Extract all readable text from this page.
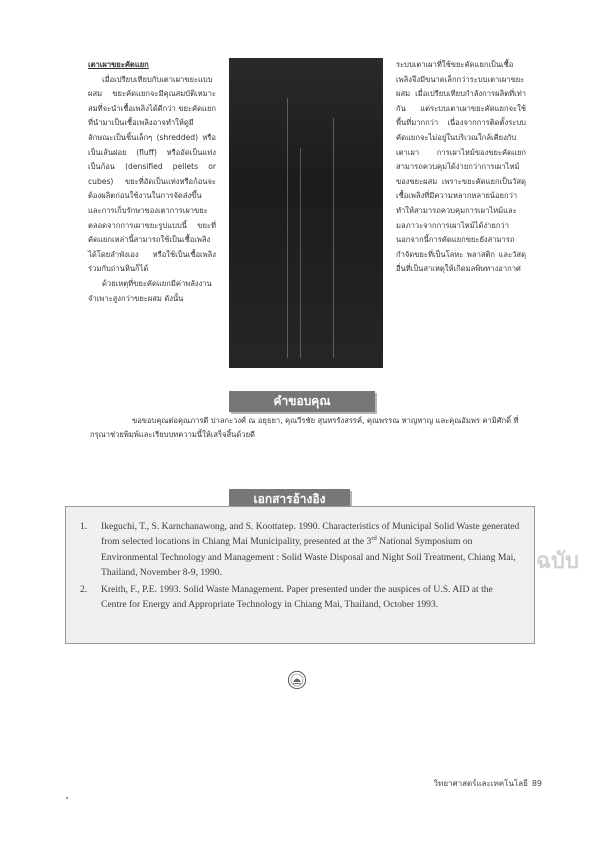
เตาเผาขยะคัดแยก

เมื่อเปรียบเทียบกับเตาเผาขยะแบบผสม ขยะคัดแยกจะมีคุณสมบัติเหมาะสมที่จะนำเชื้อเพลิงได้ดีกว่า ขยะคัดแยกที่นำมาเป็นเชื้อเพลิงอาจทำให้ดูมีลักษณะเป็นชิ้นเล็กๆ (shredded) หรือเป็นเส้นฝอย (fluff) หรืออัดเป็นแท่ง เป็นก้อน (densified pellets or cubes) ขยะที่อัดเป็นแท่งหรือก้อนจะต้องผลิตก่อนใช้งานในการจัดส่งขึ้น และการเก็บรักษาของเตาการเผาขยะตลอดจากการเผาขยะรูปแบบนี้ ขยะที่คัดแยกเหล่านี้สามารถใช้เป็นเชื้อเพลิงได้โดยลำพังเอง หรือใช้เป็นเชื้อเพลิงร่วมกับถ่านหินก็ได้

ด้วยเหตุที่ขยะคัดแยกมีค่าพลังงานจำเพาะสูงกว่าขยะผสม ดังนั้น

ระบบเตาเผาที่ใช้ขยะคัดแยกเป็นเชื้อเพลิงจึงมีขนาดเล็กกว่าระบบเตาเผาขยะผสม เมื่อเปรียบเทียบกำลังการผลิตที่เท่ากัน แต่ระบบเตาเผาขยะคัดแยกจะใช้พื้นที่มากกว่า เนื่องจากการติดตั้งระบบคัดแยกจะไม่อยู่ในบริเวณใกล้เคียงกับเตาเผา การเผาไหม้ของขยะคัดแยกสามารถควบคุมได้ง่ายกว่าการเผาไหม้ของขยะผสม เพราะขยะคัดแยกเป็นวัสดุเชื้อเพลิงที่มีความหลากหลายน้อยกว่า ทำให้สามารถควบคุมการเผาไหม้และมลภาวะจากการเผาไหม้ได้ง่ายกว่า นอกจากนี้การคัดแยกขยะยังสามารถกำจัดขยะที่เป็นโลหะ พลาสติก และวัสดุอื่นที่เป็นสาเหตุให้เกิดมลพิษทางอากาศ

คำขอบคุณ

ขอขอบคุณต่อคุณภารดี ปาลกะวงศ์ ณ อยุธยา, คุณวีรชัย สุนทรรังสรรค์, คุณพรรณ หาญหาญ และคุณอัมพร คามิศักดิ์ ที่กรุณาช่วยพิมพ์และเรียบบทความนี้ให้เสร็จสิ้นด้วยดี

เอกสารอ้างอิง
1. Ikeguchi, T., S. Karnchanawong, and S. Koottatep. 1990. Characteristics of Municipal Solid Waste generated from selected locations in Chiang Mai Municipality, presented at the 3rd National Symposium on Environmental Technology and Management : Solid Waste Disposal and Night Soil Treatment, Chiang Mai, Thailand, November 8-9, 1990.
2. Kreith, F., P.E. 1993. Solid Waste Management. Paper presented under the auspices of U.S. AID at the Centre for Energy and Appropriate Technology in Chiang Mai, Thailand, October 1993.
ฉบับ
วิทยาศาสตร์และเทคโนโลยี 89
